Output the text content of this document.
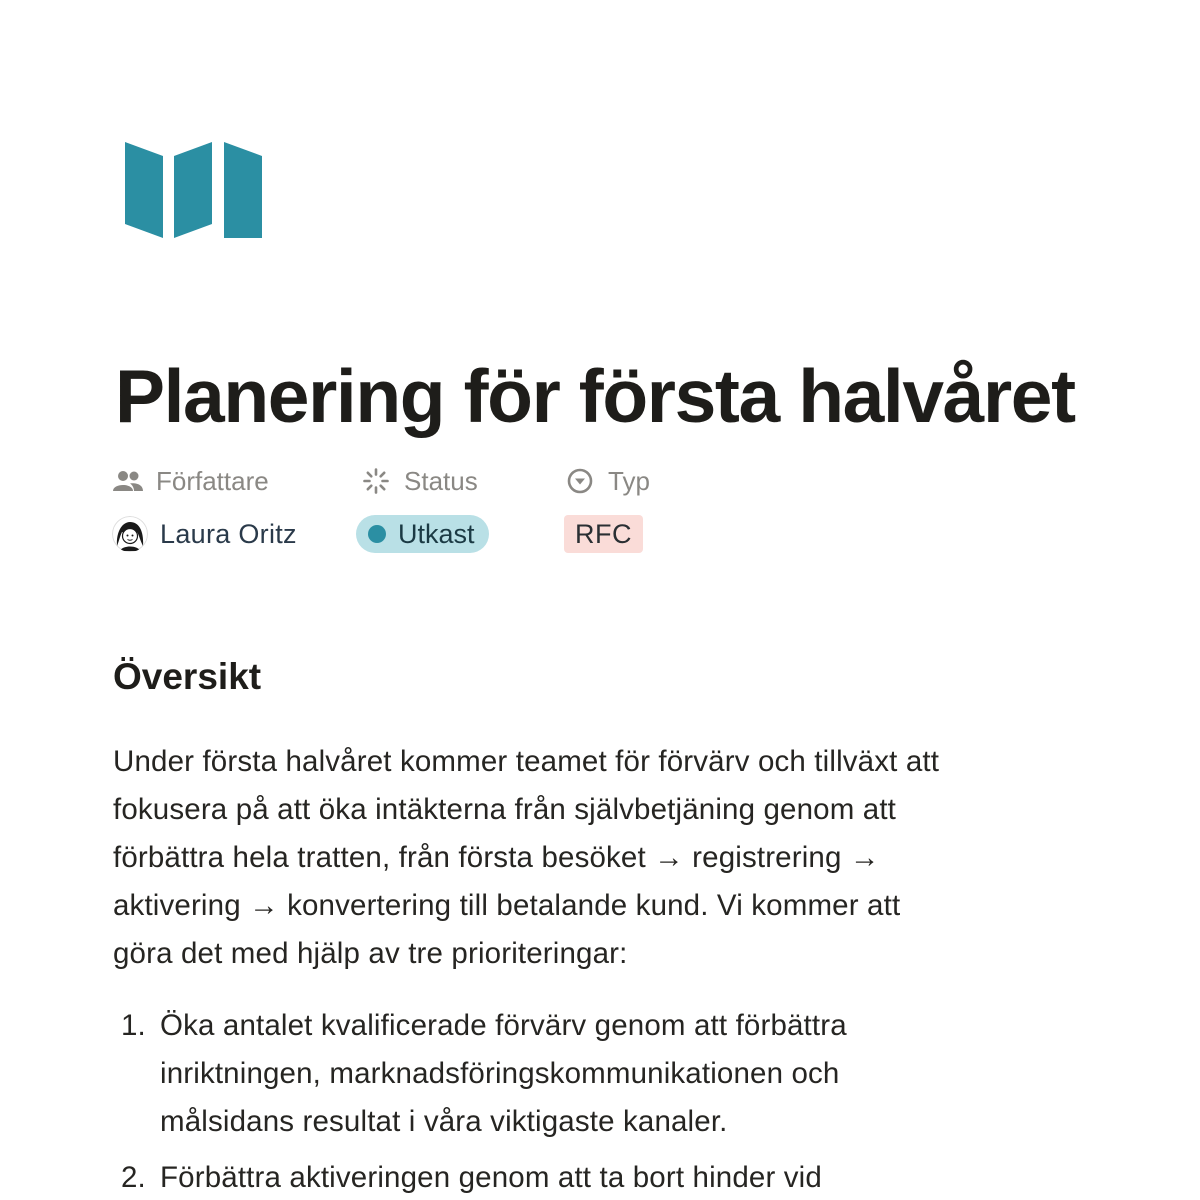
Planering för första halvåret
Författare
Laura Oritz
Status
Utkast
Typ
RFC
Översikt

Under första halvåret kommer teamet för förvärv och tillväxt att
fokusera på att öka intäkterna från självbetjäning genom att
förbättra hela tratten, från första besöket → registrering →
aktivering → konvertering till betalande kund. Vi kommer att
göra det med hjälp av tre prioriteringar:

1. Öka antalet kvalificerade förvärv genom att förbättra
inriktningen, marknadsföringskommunikationen och
målsidans resultat i våra viktigaste kanaler.
2. Förbättra aktiveringen genom att ta bort hinder vid
